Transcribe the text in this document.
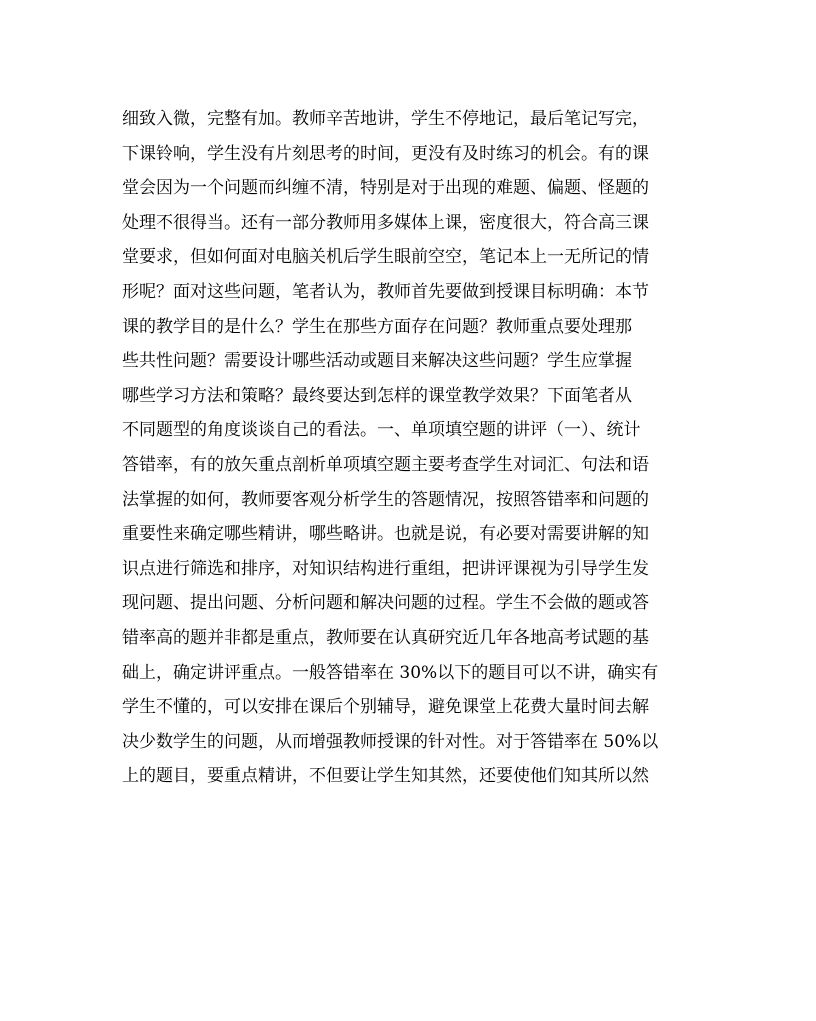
细致入微，完整有加。教师辛苦地讲，学生不停地记，最后笔记写完，
下课铃响，学生没有片刻思考的时间，更没有及时练习的机会。有的课
堂会因为一个问题而纠缠不清，特别是对于出现的难题、偏题、怪题的
处理不很得当。还有一部分教师用多媒体上课，密度很大，符合高三课
堂要求，但如何面对电脑关机后学生眼前空空，笔记本上一无所记的情
形呢？面对这些问题，笔者认为，教师首先要做到授课目标明确：本节
课的教学目的是什么？学生在那些方面存在问题？教师重点要处理那
些共性问题？需要设计哪些活动或题目来解决这些问题？学生应掌握
哪些学习方法和策略？最终要达到怎样的课堂教学效果？下面笔者从
不同题型的角度谈谈自己的看法。一、单项填空题的讲评（一）、统计
答错率，有的放矢重点剖析单项填空题主要考查学生对词汇、句法和语
法掌握的如何，教师要客观分析学生的答题情况，按照答错率和问题的
重要性来确定哪些精讲，哪些略讲。也就是说，有必要对需要讲解的知
识点进行筛选和排序，对知识结构进行重组，把讲评课视为引导学生发
现问题、提出问题、分析问题和解决问题的过程。学生不会做的题或答
错率高的题并非都是重点，教师要在认真研究近几年各地高考试题的基
础上，确定讲评重点。一般答错率在 30%以下的题目可以不讲，确实有
学生不懂的，可以安排在课后个别辅导，避免课堂上花费大量时间去解
决少数学生的问题，从而增强教师授课的针对性。对于答错率在 50%以
上的题目，要重点精讲，不但要让学生知其然，还要使他们知其所以然
